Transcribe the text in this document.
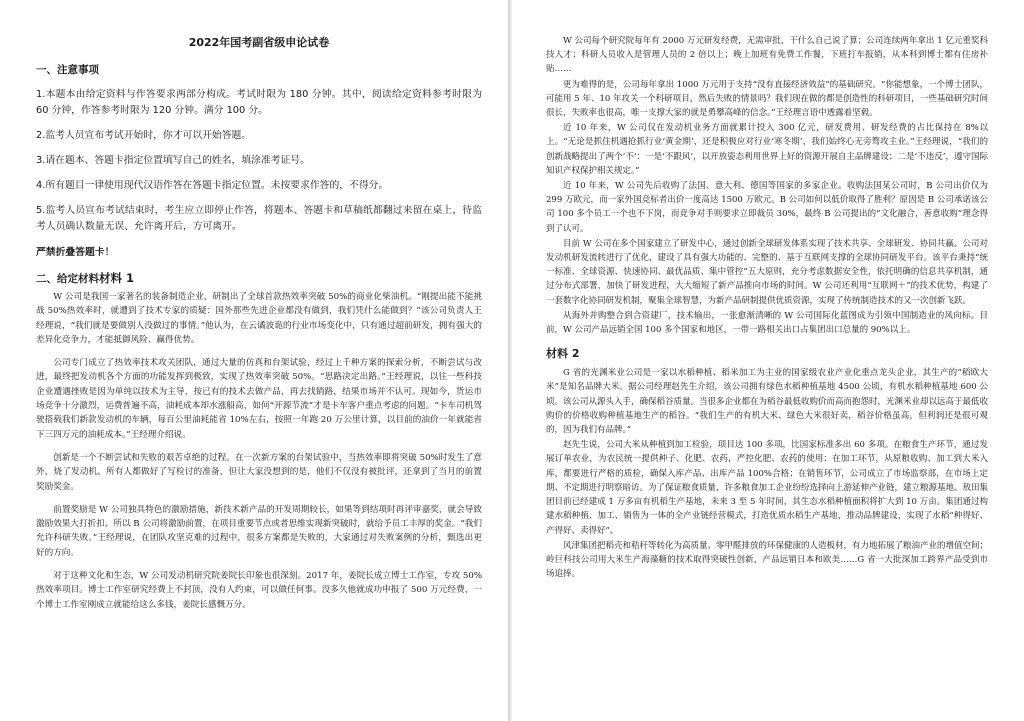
2022年国考副省级申论试卷
一、注意事项

1.本题本由给定资料与作答要求两部分构成。考试时限为 180 分钟。其中，阅读给定资料参考时限为 60 分钟，作答参考时限为 120 分钟。满分 100 分。

2.监考人员宣布考试开始时，你才可以开始答题。

3.请在题本、答题卡指定位置填写自己的姓名，填涂准考证号。

4.所有题目一律使用现代汉语作答在答题卡指定位置。未按要求作答的，不得分。

5.监考人员宣布考试结束时，考生应立即停止作答，将题本、答题卡和草稿纸都翻过来留在桌上，待监考人员确认数量无误、允许离开后，方可离开。

严禁折叠答题卡！
二、给定材料材料 1

W 公司是我国一家著名的装备制造企业，研制出了全球首款热效率突破 50%的商业化柴油机。“刚提出能不能挑战 50%热效率时，就遭到了技术专家的质疑：国外那些先进企业都没有做到，我们凭什么能做到？”该公司负责人王经理说，“我们就是要做别人没做过的事情。”他认为，在云谲波诡的行业市场变化中，只有通过超前研发，拥有强大的差异化竞争力，才能抵御风险、赢得优势。

公司专门成立了热效率技术攻关团队，通过大量的仿真和台架试验，经过上千种方案的探索分析，不断尝试与改进，最终把发动机各个方面的功能发挥到极致，实现了热效率突破 50%。“思路决定出路。”王经理说，以往一些科技企业遭遇挫败是因为单纯以技术为主导，按已有的技术去做产品，再去找销路，结果市场并不认可。现如今，货运市场竞争十分激烈，运费普遍不高，油耗成本却水涨船高，如何“开源节流”才是卡车客户重点考虑的问题。“卡车司机驾驶搭载我们新款发动机的车辆，每百公里油耗能省 10%左右，按照一年跑 20 万公里计算，以目前的油价一年就能省下三四万元的油耗成本。”王经理介绍说。

创新是一个不断尝试和失败的艰苦卓绝的过程。在一次新方案的台架试验中，当热效率即将突破 50%时发生了意外，烧了发动机。所有人都做好了写检讨的准备，但让大家没想到的是，他们不仅没有被批评，还拿到了当月的前置奖励奖金。

前置奖励是 W 公司独具特色的激励措施，新技术新产品的开发周期较长，如果等到结项时再评审嘉奖，就会导致激励效果大打折扣。所以 B 公司将激励前置，在项目重要节点或者思维实现新突破时，就给予员工丰厚的奖金。“我们允许科研失败。”王经理说，在团队攻坚克难的过程中，很多方案都是失败的，大家通过对失败案例的分析，甄选出更好的方向。

对于这种文化和生态，W 公司发动机研究院姜院长印象也很深刻。2017 年，姜院长成立博士工作室，专攻 50%热效率项目。博士工作室研究经费上不封顶，没有人约束，可以做任何事。没多久他就成功申报了 500 万元经费，一个博士工作室刚成立就能给这么多钱，姜院长感慨万分。

W 公司每个研究院每年有 2000 万元研发经费，无需审批，干什么自己说了算；公司连续两年拿出 1 亿元重奖科技人才；科研人员收入是管理人员的 2 倍以上；晚上加班有免费工作餐，下班打车报销，从本科到博士都有住房补贴……

更为难得的是，公司每年拿出 1000 万元用于支持“没有直接经济效益”的基础研究。“你能想象，一个博士团队，可能用 5 年、10 年攻关一个科研项目，然后失败的情景吗？我们现在做的都是创造性的科研项目，一些基础研究时间很长，失败率也很高，唯一支撑大家的就是勇攀高峰的信念。”王经理言语中透露着坚毅。

近 10 年来，W 公司仅在发动机业务方面就累计投入 300 亿元，研发费用、研发经费的占比保持在 8%以上。“无论是抓住机遇抢抓行业‘黄金期’，还是积极应对行业‘寒冬期’，我们始终心无旁骛攻主业。”王经理说，“我们的创新战略提出了两个‘不’：一是‘不跟风’，以开放姿态利用世界上好的资源开展自主品牌建设；二是‘不违反’，遵守国际知识产权保护相关规定。”

近 10 年来，W 公司先后收购了法国、意大利、德国等国家的多家企业。收购法国某公司时，B 公司出价仅为 299 万欧元，而一家外国竞标者出价一度高达 1500 万欧元。B 公司如何以低价取得了胜利？原因是 B 公司承诺该公司 100 多个员工一个也不下岗，而竞争对手则要求立即裁员 30%，最终 B 公司提出的“文化融合，善意收购”理念得到了认可。

目前 W 公司在多个国家建立了研发中心，通过创新全球研发体系实现了技术共享、全球研发、协同共赢。公司对发动机研发流转进行了优化，建设了具有强大功能的、完整的、基于互联网支撑的全球协同研发平台。该平台秉持“统一标准、全球资源、快速协同、最优品质、集中管控”五大原则，充分考虑数据安全性，依托明确的信息共享机制，通过分布式部署，加快了研发进程，大大缩短了新产品推向市场的时间。W 公司还利用“互联网＋”的技术优势，构建了一套数字化协同研发机制，聚集全球智慧，为新产品研制提供优质资源，实现了传统制造技术的又一次创新飞跃。

从海外并购整合到合资建厂，技术输出，一张愈渐清晰的 W 公司国际化蓝图成为引领中国制造业的风向标。目前，W 公司产品远销全国 100 多个国家和地区，一带一路相关出口占集团出口总量的 90%以上。

材料 2

G 省的光渊米业公司是一家以水稻种植、稻米加工为主业的国家级农业产业化重点龙头企业，其生产的“稻欧大米”是知名品牌大米。据公司经理赵先生介绍，该公司拥有绿色水稻种植基地 4500 公顷，有机水稻种植基地 600 公顷。该公司从源头入手，确保稻谷质量。当很多企业都在为稻谷最低收购价而高而抱怨时，光渊米业却以远高于最低收购价的价格收购种植基地生产的稻谷。“我们生产的有机大米、绿色大米很好卖，稻谷价格虽高，但利润还是很可观的，因为我们有品牌。”

赵先生说，公司大米从种植到加工检验，项目达 100 多项，比国家标准多出 60 多项。在粮食生产环节，通过发展订单农业，为农民统一提供种子、化肥、农药，严控化肥、农药的使用；在加工环节，从原粮收购、加工到大米入库，都要进行严格的质检，确保入库产品、出库产品 100%合格；在销售环节，公司成立了市场监察部，在市场上定期、不定期进行明察暗访。为了保证粮食质量，许多粮食加工企业纷纷选择向上游延伸产业链，建立粮源基地。敖田集团目前已经建成 1 万多亩有机稻生产基地，未来 3 至 5 年时间，其生态水稻种植面积将扩大到 10 万亩。集团通过构建水稻种植、加工、销售为一体的全产业链经营模式，打造优质水稻生产基地，推动品牌建设，实现了水稻“种得好、产得好、卖得好”。

风津集团把稻壳和秸秆等转化为高质量、零甲醛排放的环保健康的人造板材，有力地拓展了粮油产业的增值空间；岭巨科技公司用大米生产海藻糖的技术取得突破性创新，产品远销日本和欧美……G 省一大批深加工跨界产品受到市场追捧。
